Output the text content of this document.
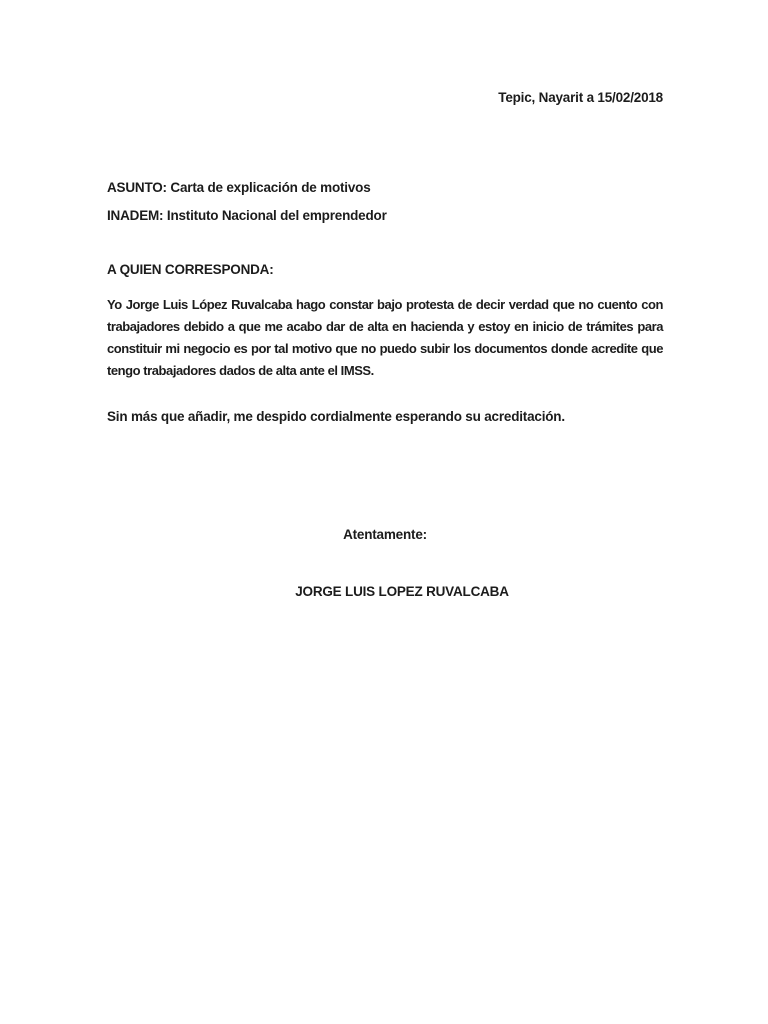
Tepic, Nayarit a 15/02/2018

ASUNTO: Carta de explicación de motivos

INADEM: Instituto Nacional del emprendedor

A QUIEN CORRESPONDA:

Yo Jorge Luis López Ruvalcaba hago constar bajo protesta de decir verdad que no cuento con trabajadores debido a que me acabo dar de alta en hacienda y estoy en inicio de trámites para constituir mi negocio es por tal motivo que no puedo subir los documentos donde acredite que tengo trabajadores dados de alta ante el IMSS.

Sin más que añadir, me despido cordialmente esperando su acreditación.

Atentamente:

JORGE LUIS LOPEZ RUVALCABA
